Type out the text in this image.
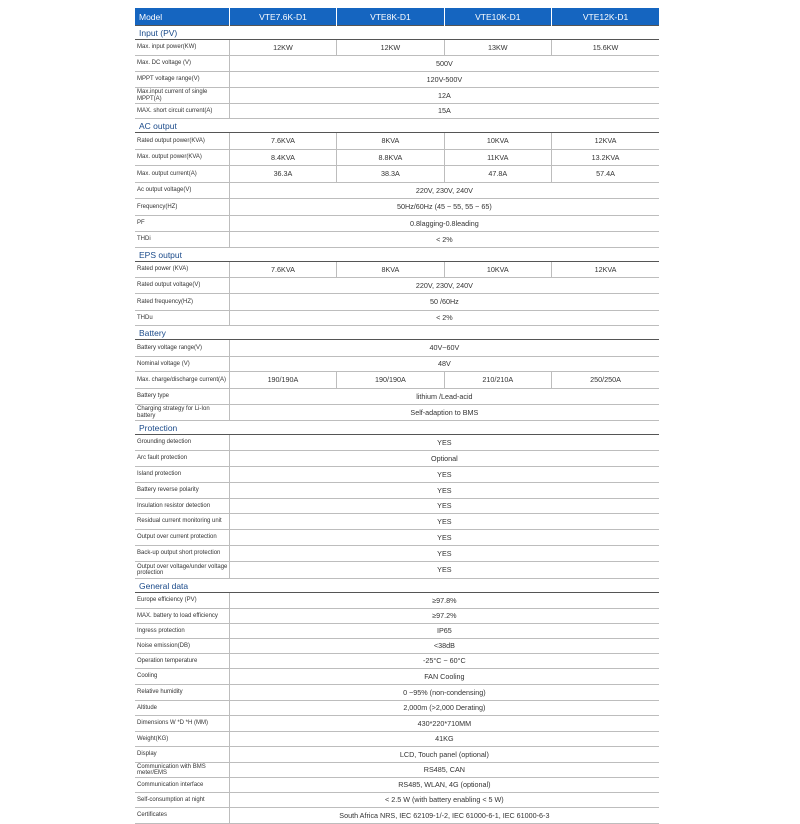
Model	VTE7.6K-D1	VTE8K-D1	VTE10K-D1	VTE12K-D1
Input (PV)				
Max. input power(KW)	12KW	12KW	13KW	15.6KW
Max. DC voltage (V)	500V			
MPPT voltage range(V)	120V-500V			
Max.input current of single MPPT(A)	12A			
MAX. short circuit current(A)	15A			
AC output				
Rated output power(KVA)	7.6KVA	8KVA	10KVA	12KVA
Max. output power(KVA)	8.4KVA	8.8KVA	11KVA	13.2KVA
Max. output current(A)	36.3A	38.3A	47.8A	57.4A
Ac output voltage(V)	220V, 230V, 240V			
Frequency(HZ)	50Hz/60Hz (45 ~ 55, 55 ~ 65)			
PF	0.8lagging-0.8leading			
THDi	< 2%			
EPS output				
Rated power (KVA)	7.6KVA	8KVA	10KVA	12KVA
Rated output voltage(V)	220V, 230V, 240V			
Rated frequency(HZ)	50 /60Hz			
THDu	< 2%			
Battery				
Battery voltage range(V)	40V~60V			
Nominal voltage (V)	48V			
Max. charge/discharge current(A)	190/190A	190/190A	210/210A	250/250A
Battery type	lithium /Lead-acid			
Charging strategy for Li-Ion battery	Self-adaption to BMS			
Protection				
Grounding detection	YES			
Arc fault protection	Optional			
Island protection	YES			
Battery reverse polarity	YES			
Insulation resistor detection	YES			
Residual current monitoring unit	YES			
Output over current protection	YES			
Back-up output short protection	YES			
Output over voltage/under voltage protection	YES			
General data				
Europe efficiency (PV)	≥97.8%			
MAX. battery to load efficiency	≥97.2%			
Ingress protection	IP65			
Noise emission(DB)	<38dB			
Operation temperature	-25°C ~ 60°C			
Cooling	FAN Cooling			
Relative humidity	0 ~95% (non-condensing)			
Altitude	2,000m (>2,000 Derating)			
Dimensions W *D *H (MM)	430*220*710MM			
Weight(KG)	41KG			
Display	LCD, Touch panel (optional)			
Communication with BMS meter/EMS	RS485, CAN			
Communication interface	RS485, WLAN, 4G (optional)			
Self-consumption at night	< 2.5 W (with battery enabling < 5 W)			
Certificates	South Africa NRS, IEC 62109-1/-2, IEC 61000-6-1, IEC 61000-6-3			
